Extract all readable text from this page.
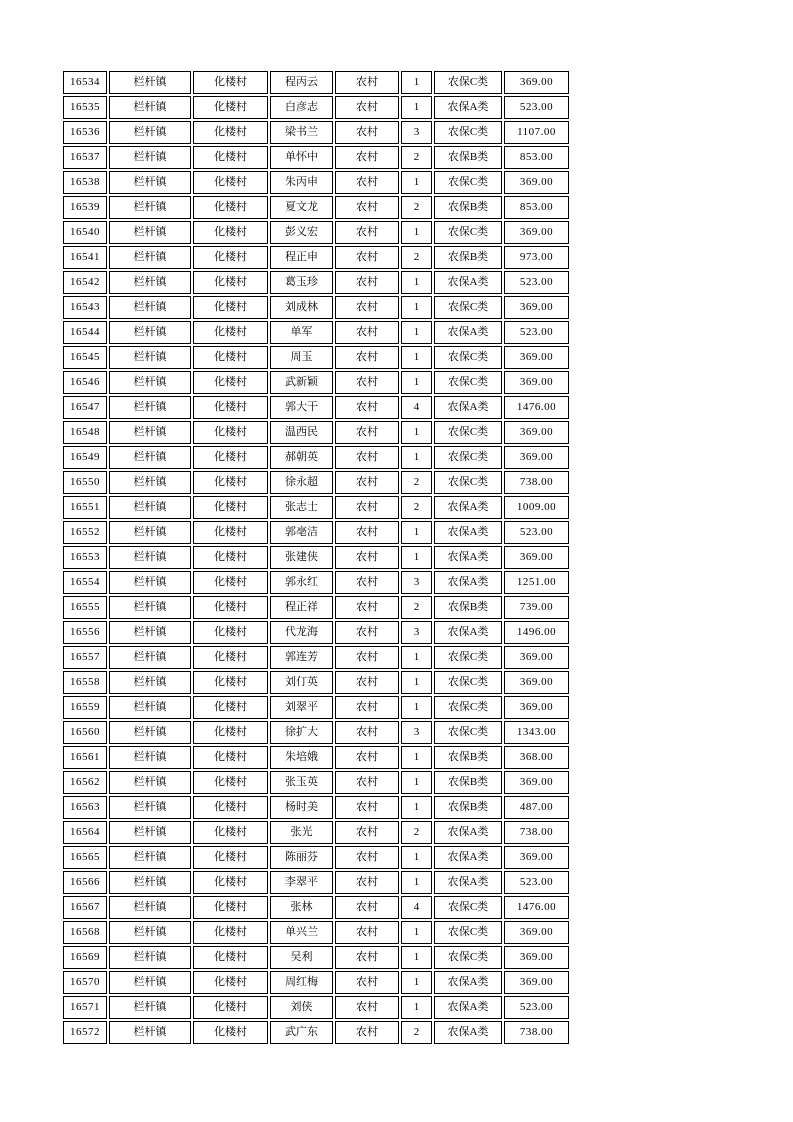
16534	栏杆镇	化楼村	程丙云	农村	1	农保C类	369.00
16535	栏杆镇	化楼村	白彦志	农村	1	农保A类	523.00
16536	栏杆镇	化楼村	梁书兰	农村	3	农保C类	1107.00
16537	栏杆镇	化楼村	单怀中	农村	2	农保B类	853.00
16538	栏杆镇	化楼村	朱丙申	农村	1	农保C类	369.00
16539	栏杆镇	化楼村	夏文龙	农村	2	农保B类	853.00
16540	栏杆镇	化楼村	彭义宏	农村	1	农保C类	369.00
16541	栏杆镇	化楼村	程正申	农村	2	农保B类	973.00
16542	栏杆镇	化楼村	葛玉珍	农村	1	农保A类	523.00
16543	栏杆镇	化楼村	刘成林	农村	1	农保C类	369.00
16544	栏杆镇	化楼村	单军	农村	1	农保A类	523.00
16545	栏杆镇	化楼村	周玉	农村	1	农保C类	369.00
16546	栏杆镇	化楼村	武新颖	农村	1	农保C类	369.00
16547	栏杆镇	化楼村	郭大干	农村	4	农保A类	1476.00
16548	栏杆镇	化楼村	温西民	农村	1	农保C类	369.00
16549	栏杆镇	化楼村	郝朝英	农村	1	农保C类	369.00
16550	栏杆镇	化楼村	徐永超	农村	2	农保C类	738.00
16551	栏杆镇	化楼村	张志士	农村	2	农保A类	1009.00
16552	栏杆镇	化楼村	郭亳洁	农村	1	农保A类	523.00
16553	栏杆镇	化楼村	张建侠	农村	1	农保A类	369.00
16554	栏杆镇	化楼村	郭永红	农村	3	农保A类	1251.00
16555	栏杆镇	化楼村	程正祥	农村	2	农保B类	739.00
16556	栏杆镇	化楼村	代龙海	农村	3	农保A类	1496.00
16557	栏杆镇	化楼村	郭连芳	农村	1	农保C类	369.00
16558	栏杆镇	化楼村	刘仃英	农村	1	农保C类	369.00
16559	栏杆镇	化楼村	刘翠平	农村	1	农保C类	369.00
16560	栏杆镇	化楼村	徐扩大	农村	3	农保C类	1343.00
16561	栏杆镇	化楼村	朱培娥	农村	1	农保B类	368.00
16562	栏杆镇	化楼村	张玉英	农村	1	农保B类	369.00
16563	栏杆镇	化楼村	杨时美	农村	1	农保B类	487.00
16564	栏杆镇	化楼村	张光	农村	2	农保A类	738.00
16565	栏杆镇	化楼村	陈丽芬	农村	1	农保A类	369.00
16566	栏杆镇	化楼村	李翠平	农村	1	农保A类	523.00
16567	栏杆镇	化楼村	张林	农村	4	农保C类	1476.00
16568	栏杆镇	化楼村	单兴兰	农村	1	农保C类	369.00
16569	栏杆镇	化楼村	吴利	农村	1	农保C类	369.00
16570	栏杆镇	化楼村	周红梅	农村	1	农保A类	369.00
16571	栏杆镇	化楼村	刘侠	农村	1	农保A类	523.00
16572	栏杆镇	化楼村	武广东	农村	2	农保A类	738.00
